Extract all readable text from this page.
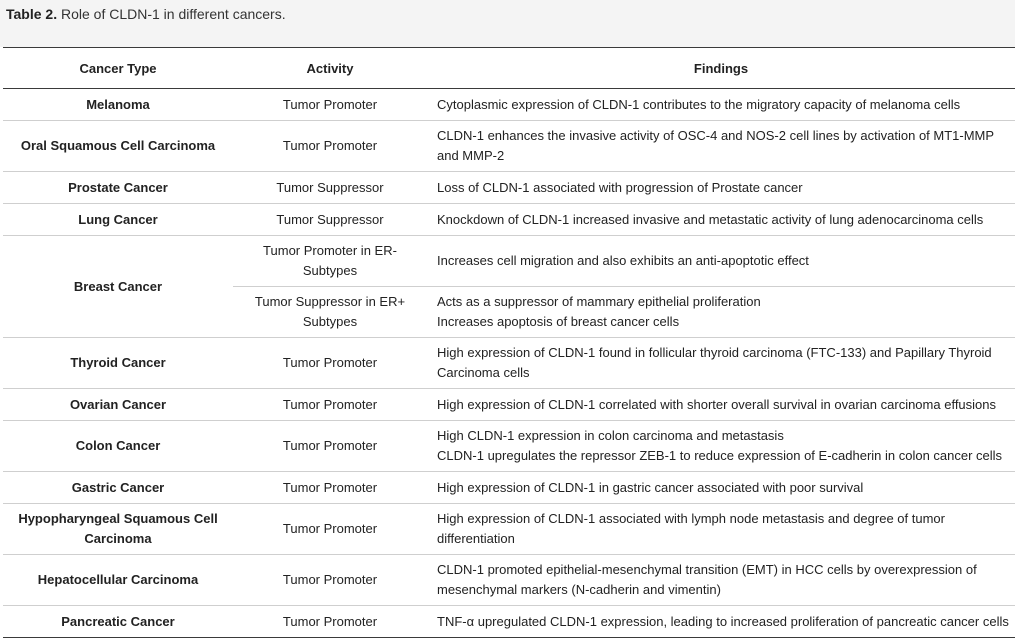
Table 2. Role of CLDN-1 in different cancers.
Cancer Type	Activity	Findings
Melanoma	Tumor Promoter	Cytoplasmic expression of CLDN-1 contributes to the migratory capacity of melanoma cells

Oral Squamous Cell Carcinoma	Tumor Promoter	CLDN-1 enhances the invasive activity of OSC-4 and NOS-2 cell lines by activation of MT1-MMP and MMP-2

Prostate Cancer	Tumor Suppressor	Loss of CLDN-1 associated with progression of Prostate cancer

Lung Cancer	Tumor Suppressor	Knockdown of CLDN-1 increased invasive and metastatic activity of lung adenocarcinoma cells

Breast Cancer	Tumor Promoter in ER- Subtypes	Increases cell migration and also exhibits an anti-apoptotic effect

	Tumor Suppressor in ER+ Subtypes	Acts as a suppressor of mammary epithelial proliferation
Increases apoptosis of breast cancer cells

Thyroid Cancer	Tumor Promoter	High expression of CLDN-1 found in follicular thyroid carcinoma (FTC-133) and Papillary Thyroid Carcinoma cells

Ovarian Cancer	Tumor Promoter	High expression of CLDN-1 correlated with shorter overall survival in ovarian carcinoma effusions

Colon Cancer	Tumor Promoter	High CLDN-1 expression in colon carcinoma and metastasis
CLDN-1 upregulates the repressor ZEB-1 to reduce expression of E-cadherin in colon cancer cells

Gastric Cancer	Tumor Promoter	High expression of CLDN-1 in gastric cancer associated with poor survival

Hypopharyngeal Squamous Cell Carcinoma	Tumor Promoter	High expression of CLDN-1 associated with lymph node metastasis and degree of tumor differentiation

Hepatocellular Carcinoma	Tumor Promoter	CLDN-1 promoted epithelial-mesenchymal transition (EMT) in HCC cells by overexpression of mesenchymal markers (N-cadherin and vimentin)

Pancreatic Cancer	Tumor Promoter	TNF-α upregulated CLDN-1 expression, leading to increased proliferation of pancreatic cancer cells
